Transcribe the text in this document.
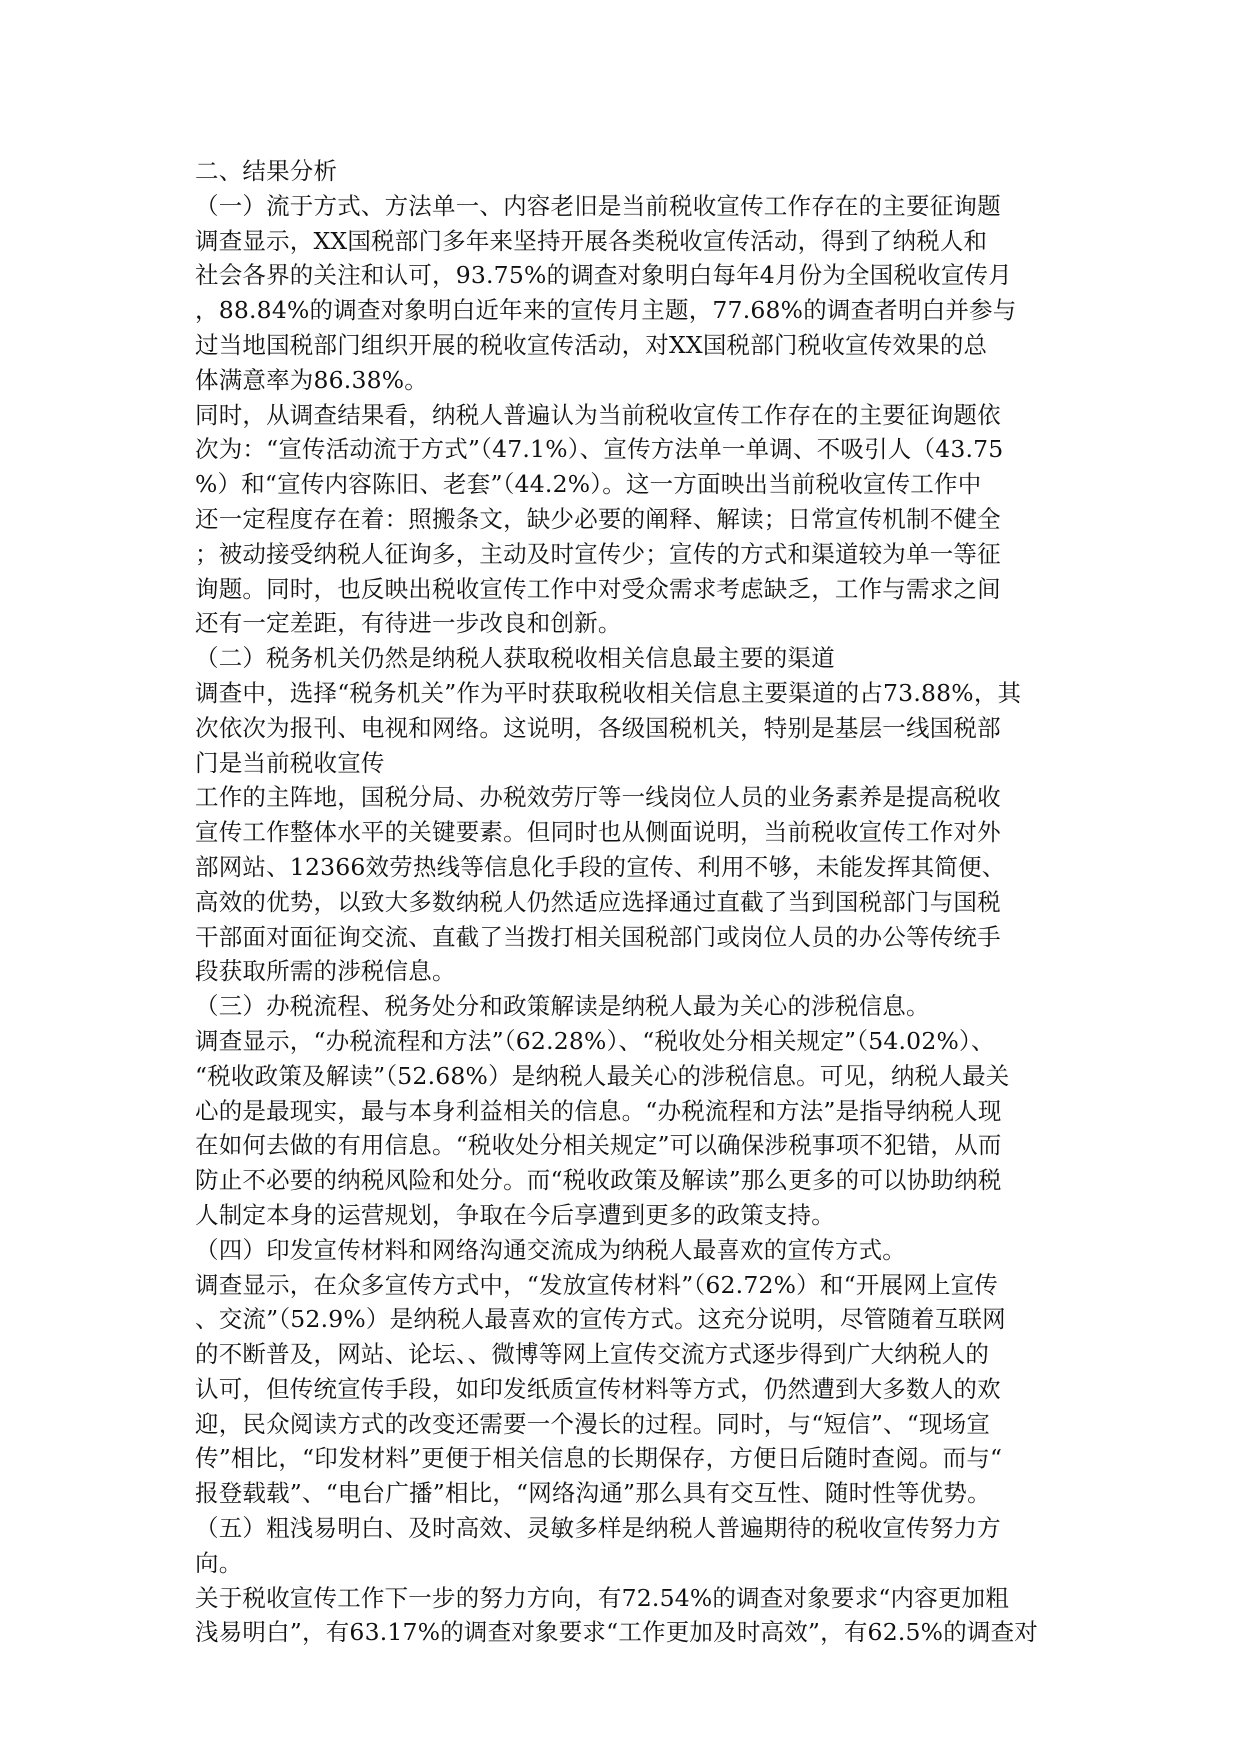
二、结果分析
（一）流于方式、方法单一、内容老旧是当前税收宣传工作存在的主要征询题
调查显示，XX国税部门多年来坚持开展各类税收宣传活动，得到了纳税人和
社会各界的关注和认可，93.75%的调查对象明白每年4月份为全国税收宣传月
，88.84%的调查对象明白近年来的宣传月主题，77.68%的调查者明白并参与
过当地国税部门组织开展的税收宣传活动，对XX国税部门税收宣传效果的总
体满意率为86.38%。
同时，从调查结果看，纳税人普遍认为当前税收宣传工作存在的主要征询题依
次为：“宣传活动流于方式”（47.1%）、宣传方法单一单调、不吸引人（43.75
%）和“宣传内容陈旧、老套”（44.2%）。这一方面映出当前税收宣传工作中
还一定程度存在着：照搬条文，缺少必要的阐释、解读；日常宣传机制不健全
；被动接受纳税人征询多，主动及时宣传少；宣传的方式和渠道较为单一等征
询题。同时，也反映出税收宣传工作中对受众需求考虑缺乏，工作与需求之间
还有一定差距，有待进一步改良和创新。
（二）税务机关仍然是纳税人获取税收相关信息最主要的渠道
调查中，选择“税务机关”作为平时获取税收相关信息主要渠道的占73.88%，其
次依次为报刊、电视和网络。这说明，各级国税机关，特别是基层一线国税部
门是当前税收宣传
工作的主阵地，国税分局、办税效劳厅等一线岗位人员的业务素养是提高税收
宣传工作整体水平的关键要素。但同时也从侧面说明，当前税收宣传工作对外
部网站、12366效劳热线等信息化手段的宣传、利用不够，未能发挥其简便、
高效的优势，以致大多数纳税人仍然适应选择通过直截了当到国税部门与国税
干部面对面征询交流、直截了当拨打相关国税部门或岗位人员的办公等传统手
段获取所需的涉税信息。
（三）办税流程、税务处分和政策解读是纳税人最为关心的涉税信息。
调查显示，“办税流程和方法”（62.28%）、“税收处分相关规定”（54.02%）、
“税收政策及解读”（52.68%）是纳税人最关心的涉税信息。可见，纳税人最关
心的是最现实，最与本身利益相关的信息。“办税流程和方法”是指导纳税人现
在如何去做的有用信息。“税收处分相关规定”可以确保涉税事项不犯错，从而
防止不必要的纳税风险和处分。而“税收政策及解读”那么更多的可以协助纳税
人制定本身的运营规划，争取在今后享遭到更多的政策支持。
（四）印发宣传材料和网络沟通交流成为纳税人最喜欢的宣传方式。
调查显示，在众多宣传方式中，“发放宣传材料”（62.72%）和“开展网上宣传
、交流”（52.9%）是纳税人最喜欢的宣传方式。这充分说明，尽管随着互联网
的不断普及，网站、论坛、、微博等网上宣传交流方式逐步得到广大纳税人的
认可，但传统宣传手段，如印发纸质宣传材料等方式，仍然遭到大多数人的欢
迎，民众阅读方式的改变还需要一个漫长的过程。同时，与“短信”、“现场宣
传”相比，“印发材料”更便于相关信息的长期保存，方便日后随时查阅。而与“
报登载载”、“电台广播”相比，“网络沟通”那么具有交互性、随时性等优势。
（五）粗浅易明白、及时高效、灵敏多样是纳税人普遍期待的税收宣传努力方
向。
关于税收宣传工作下一步的努力方向，有72.54%的调查对象要求“内容更加粗
浅易明白”，有63.17%的调查对象要求“工作更加及时高效”，有62.5%的调查对
